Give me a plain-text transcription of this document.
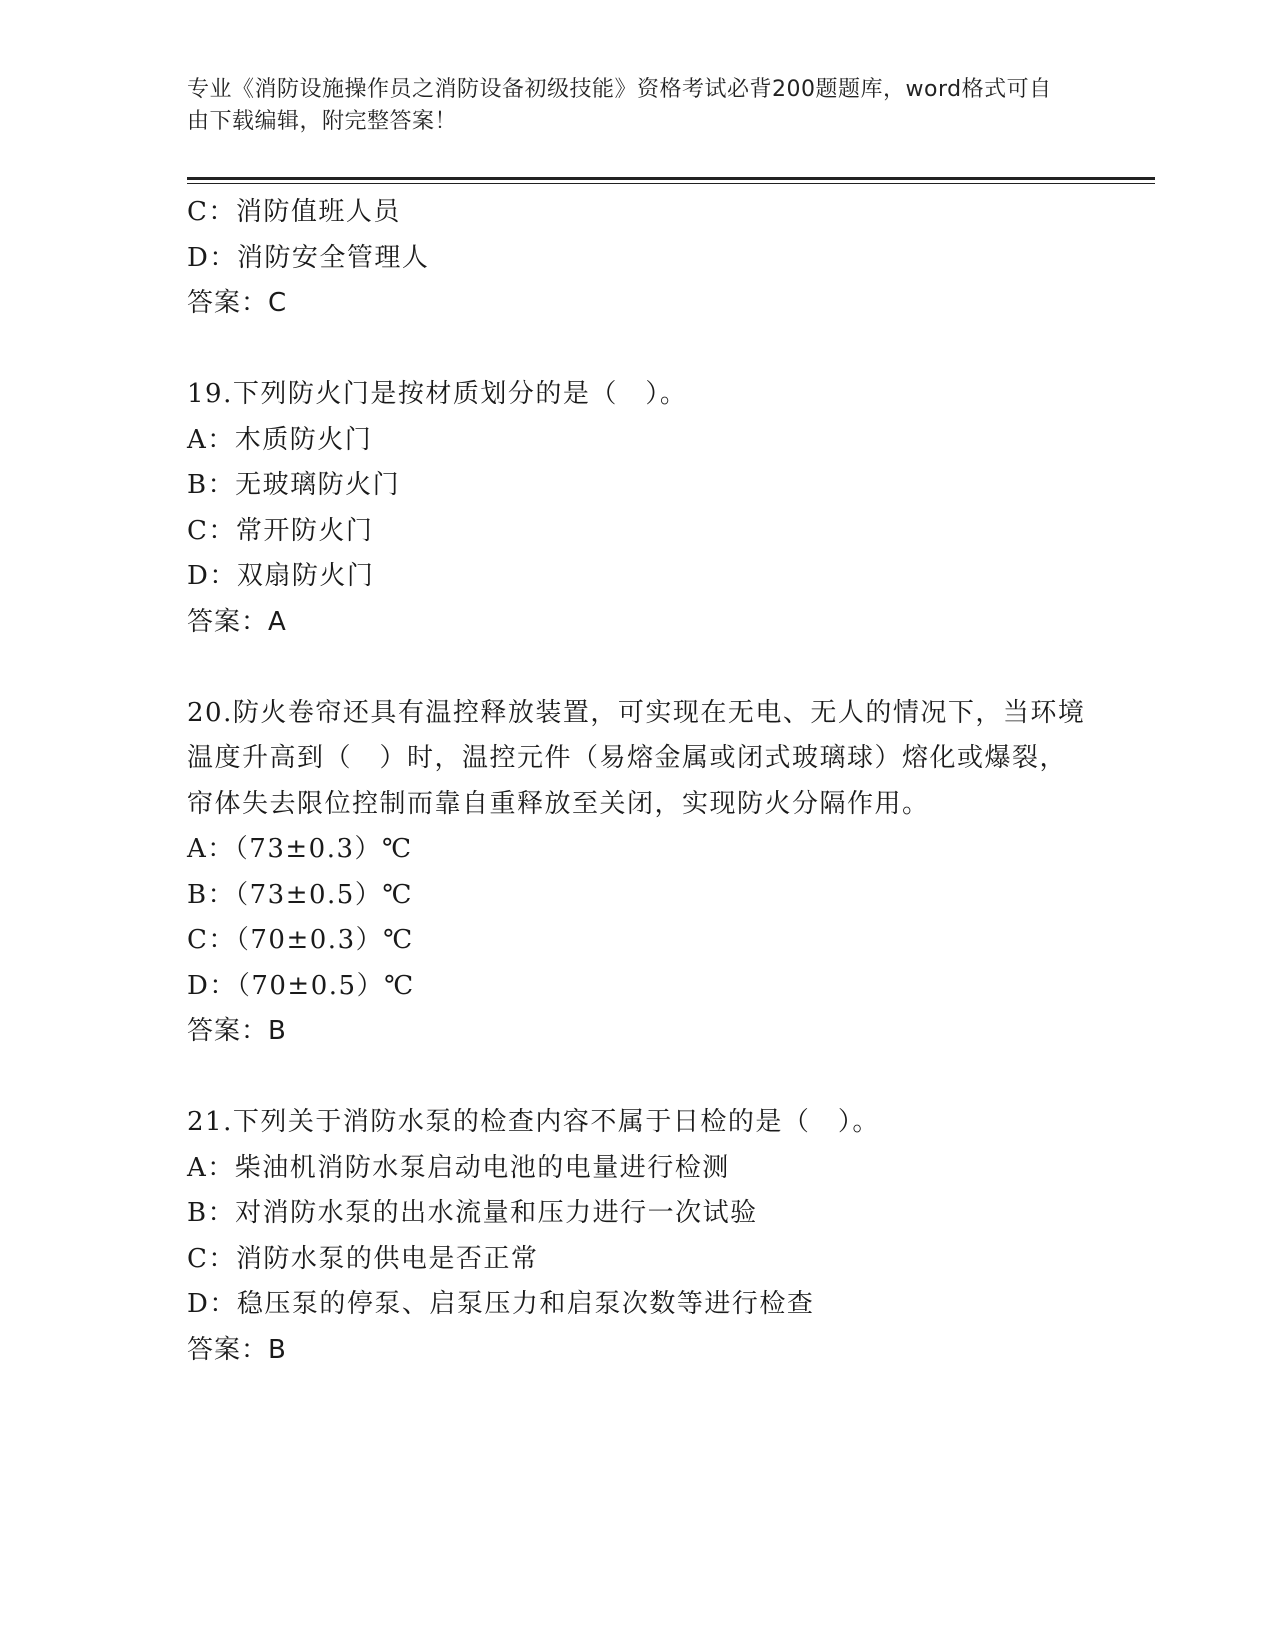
专业《消防设施操作员之消防设备初级技能》资格考试必背200题题库，word格式可自由下载编辑，附完整答案！
C：消防值班人员
D：消防安全管理人
答案：C
19.下列防火门是按材质划分的是（　）。
A：木质防火门
B：无玻璃防火门
C：常开防火门
D：双扇防火门
答案：A
20.防火卷帘还具有温控释放装置，可实现在无电、无人的情况下，当环境温度升高到（　）时，温控元件（易熔金属或闭式玻璃球）熔化或爆裂，帘体失去限位控制而靠自重释放至关闭，实现防火分隔作用。
A：（73±0.3）℃
B：（73±0.5）℃
C：（70±0.3）℃
D：（70±0.5）℃
答案：B
21.下列关于消防水泵的检查内容不属于日检的是（　）。
A：柴油机消防水泵启动电池的电量进行检测
B：对消防水泵的出水流量和压力进行一次试验
C：消防水泵的供电是否正常
D：稳压泵的停泵、启泵压力和启泵次数等进行检查
答案：B
